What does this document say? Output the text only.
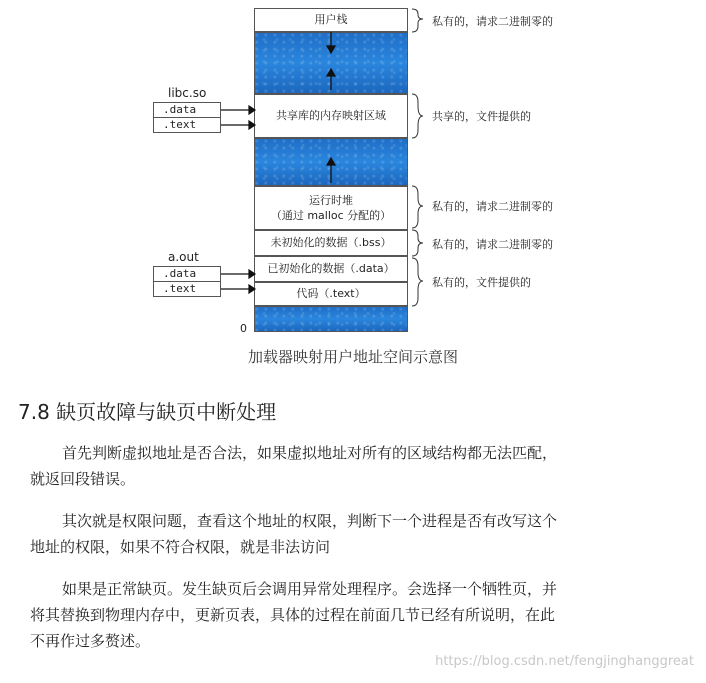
用户栈
共享库的内存映射区域
运行时堆
（通过 malloc 分配的）
未初始化的数据（.bss）
已初始化的数据（.data）
代码（.text）
0
libc.so
.data
.text
a.out
.data
.text
私有的，请求二进制零的
共享的，文件提供的
私有的，请求二进制零的
私有的，请求二进制零的
私有的，文件提供的
加载器映射用户地址空间示意图
7.8 缺页故障与缺页中断处理
首先判断虚拟地址是否合法，如果虚拟地址对所有的区域结构都无法匹配，
就返回段错误。
其次就是权限问题，查看这个地址的权限，判断下一个进程是否有改写这个
地址的权限，如果不符合权限，就是非法访问
如果是正常缺页。发生缺页后会调用异常处理程序。会选择一个牺牲页，并
将其替换到物理内存中，更新页表，具体的过程在前面几节已经有所说明，在此
不再作过多赘述。
https://blog.csdn.net/fengjinghanggreat
